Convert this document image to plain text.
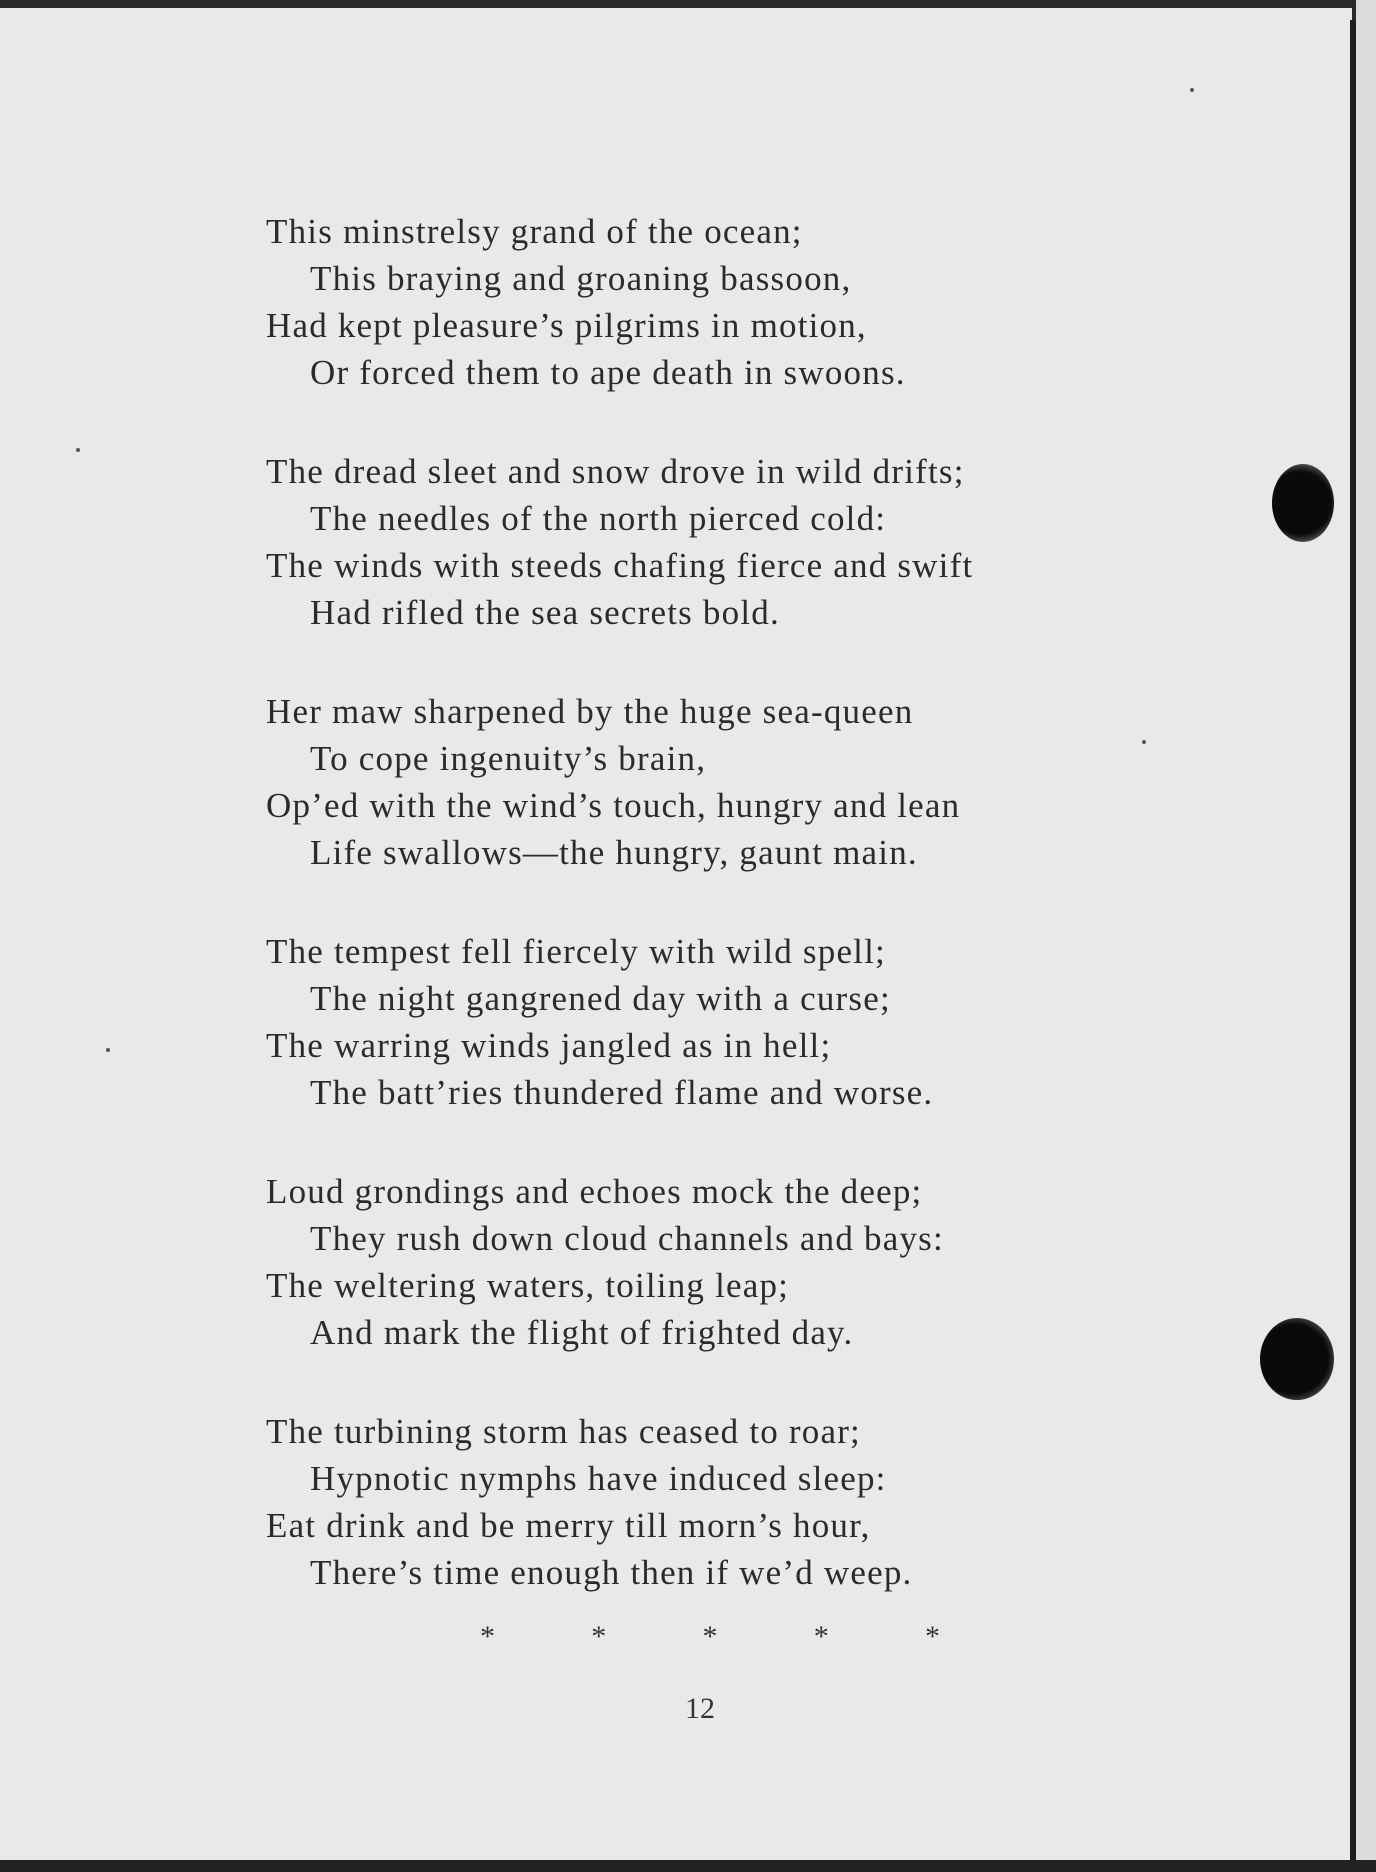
This minstrelsy grand of the ocean;
This braying and groaning bassoon,
Had kept pleasure’s pilgrims in motion,
Or forced them to ape death in swoons.
The dread sleet and snow drove in wild drifts;
The needles of the north pierced cold:
The winds with steeds chafing fierce and swift
Had rifled the sea secrets bold.
Her maw sharpened by the huge sea-queen
To cope ingenuity’s brain,
Op’ed with the wind’s touch, hungry and lean
Life swallows—the hungry, gaunt main.
The tempest fell fiercely with wild spell;
The night gangrened day with a curse;
The warring winds jangled as in hell;
The batt’ries thundered flame and worse.
Loud grondings and echoes mock the deep;
They rush down cloud channels and bays:
The weltering waters, toiling leap;
And mark the flight of frighted day.
The turbining storm has ceased to roar;
Hypnotic nymphs have induced sleep:
Eat drink and be merry till morn’s hour,
There’s time enough then if we’d weep.
*	*	*	*	*
12
